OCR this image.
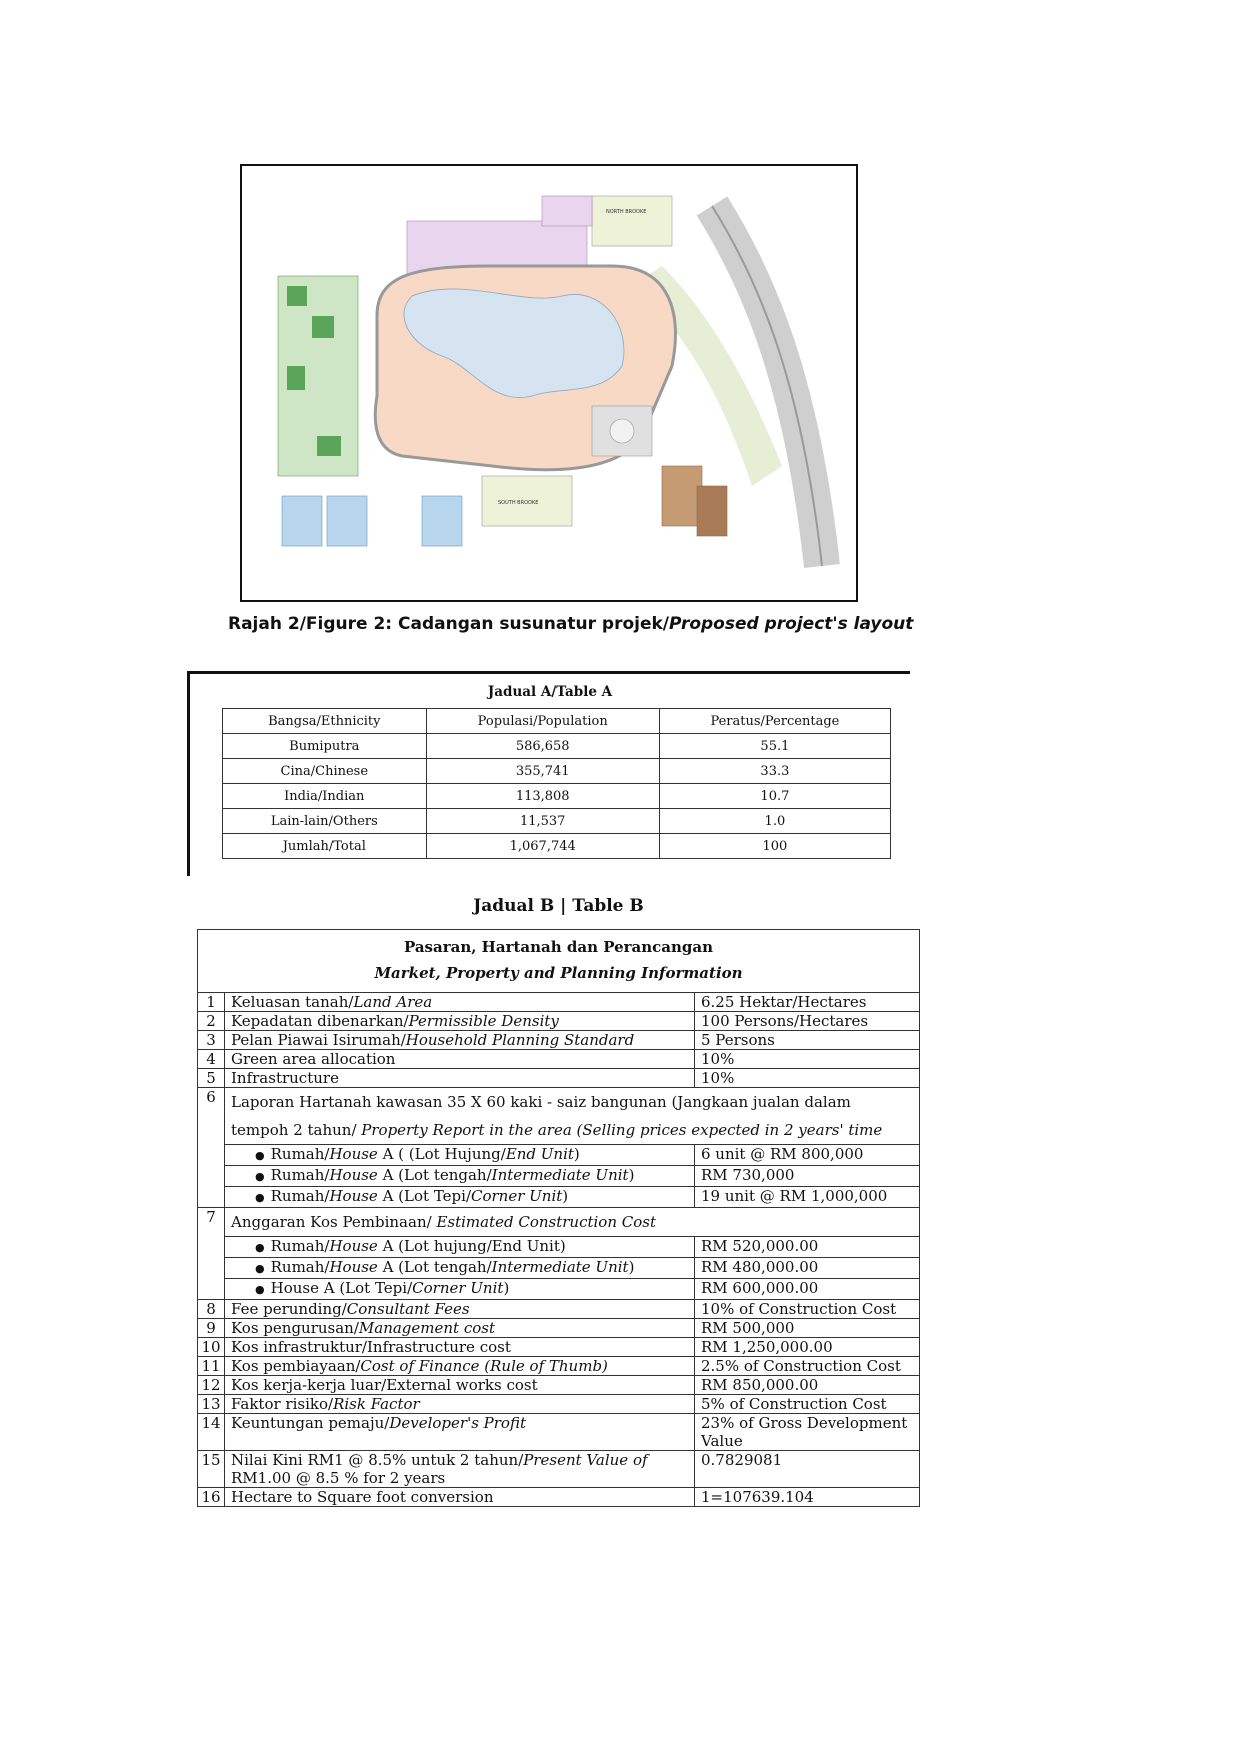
NORTH BROOKE
SOUTH BROOKE
Rajah 2/Figure 2: Cadangan susunatur projek/Proposed project's layout
Jadual A/Table A
Bangsa/Ethnicity	Populasi/Population	Peratus/Percentage
Bumiputra	586,658	55.1
Cina/Chinese	355,741	33.3
India/Indian	113,808	10.7
Lain-lain/Others	11,537	1.0
Jumlah/Total	1,067,744	100
Jadual B | Table B
Pasaran, Hartanah dan Perancangan
Market, Property and Planning Information		

1	Keluasan tanah/Land Area	6.25 Hektar/Hectares
2	Kepadatan dibenarkan/Permissible Density	100 Persons/Hectares
3	Pelan Piawai Isirumah/Household Planning Standard	5 Persons
4	Green area allocation	10%
5	Infrastructure	10%
6	Laporan Hartanah kawasan 35 X 60 kaki - saiz bangunan (Jangkaan jualan dalam tempoh 2 tahun/ Property Report in the area (Selling prices expected in 2 years' time	
	● Rumah/House A ( (Lot Hujung/End Unit)	6 unit @ RM 800,000
	● Rumah/House A (Lot tengah/Intermediate Unit)	RM 730,000
	● Rumah/House A (Lot Tepi/Corner Unit)	19 unit @ RM 1,000,000
7	Anggaran Kos Pembinaan/ Estimated Construction Cost	
	● Rumah/House A (Lot hujung/End Unit)	RM 520,000.00
	● Rumah/House A (Lot tengah/Intermediate Unit)	RM 480,000.00
	● House A (Lot Tepi/Corner Unit)	RM 600,000.00
8	Fee perunding/Consultant Fees	10% of Construction Cost
9	Kos pengurusan/Management cost	RM 500,000
10	Kos infrastruktur/Infrastructure cost	RM 1,250,000.00
11	Kos pembiayaan/Cost of Finance (Rule of Thumb)	2.5% of Construction Cost
12	Kos kerja-kerja luar/External works cost	RM 850,000.00
13	Faktor risiko/Risk Factor	5% of Construction Cost
14	Keuntungan pemaju/Developer's Profit	23% of Gross Development Value
15	Nilai Kini RM1 @ 8.5% untuk 2 tahun/Present Value of RM1.00 @ 8.5 % for 2 years	0.7829081
16	Hectare to Square foot conversion	1=107639.104
